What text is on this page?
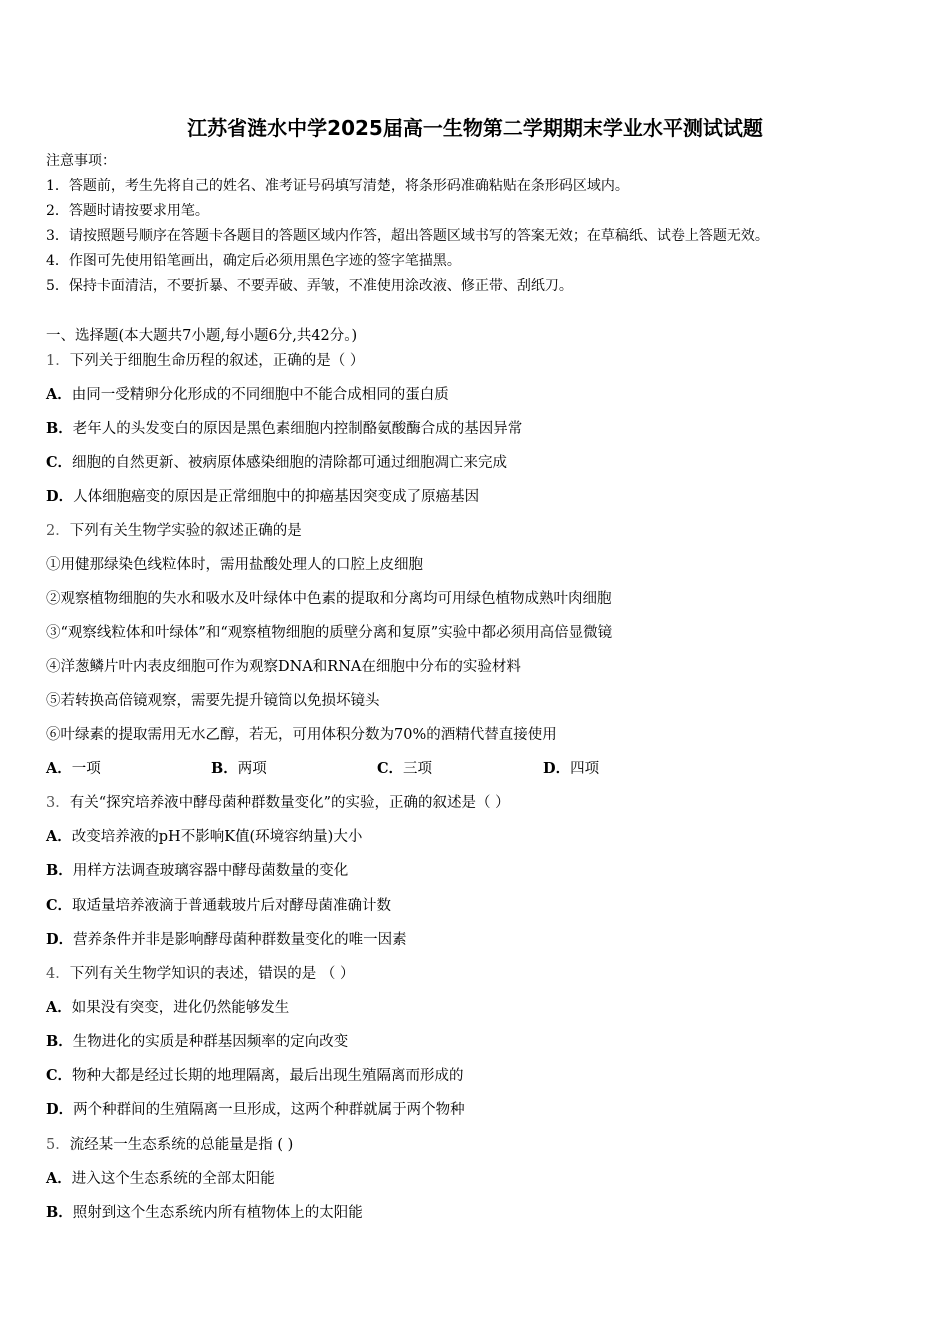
江苏省涟水中学2025届高一生物第二学期期末学业水平测试试题
注意事项：
1．答题前，考生先将自己的姓名、准考证号码填写清楚，将条形码准确粘贴在条形码区域内。
2．答题时请按要求用笔。
3．请按照题号顺序在答题卡各题目的答题区域内作答，超出答题区域书写的答案无效；在草稿纸、试卷上答题无效。
4．作图可先使用铅笔画出，确定后必须用黑色字迹的签字笔描黑。
5．保持卡面清洁，不要折暴、不要弄破、弄皱，不准使用涂改液、修正带、刮纸刀。
一、选择题(本大题共7小题,每小题6分,共42分。)
1．下列关于细胞生命历程的叙述，正确的是（ ）
A．由同一受精卵分化形成的不同细胞中不能合成相同的蛋白质
B．老年人的头发变白的原因是黑色素细胞内控制酪氨酸酶合成的基因异常
C．细胞的自然更新、被病原体感染细胞的清除都可通过细胞凋亡来完成
D．人体细胞癌变的原因是正常细胞中的抑癌基因突变成了原癌基因
2．下列有关生物学实验的叙述正确的是
①用健那绿染色线粒体时，需用盐酸处理人的口腔上皮细胞
②观察植物细胞的失水和吸水及叶绿体中色素的提取和分离均可用绿色植物成熟叶肉细胞
③“观察线粒体和叶绿体”和“观察植物细胞的质壁分离和复原”实验中都必须用高倍显微镜
④洋葱鳞片叶内表皮细胞可作为观察DNA和RNA在细胞中分布的实验材料
⑤若转换高倍镜观察，需要先提升镜筒以免损坏镜头
⑥叶绿素的提取需用无水乙醇，若无，可用体积分数为70%的酒精代替直接使用
A．一项	B．两项	C．三项	D．四项
3．有关“探究培养液中酵母菌种群数量变化”的实验，正确的叙述是（ ）
A．改变培养液的pH不影响K值(环境容纳量)大小
B．用样方法调查玻璃容器中酵母菌数量的变化
C．取适量培养液滴于普通载玻片后对酵母菌准确计数
D．营养条件并非是影响酵母菌种群数量变化的唯一因素
4．下列有关生物学知识的表述，错误的是 （ ）
A．如果没有突变，进化仍然能够发生
B．生物进化的实质是种群基因频率的定向改变
C．物种大都是经过长期的地理隔离，最后出现生殖隔离而形成的
D．两个种群间的生殖隔离一旦形成，这两个种群就属于两个物种
5．流经某一生态系统的总能量是指 ( )
A．进入这个生态系统的全部太阳能
B．照射到这个生态系统内所有植物体上的太阳能
